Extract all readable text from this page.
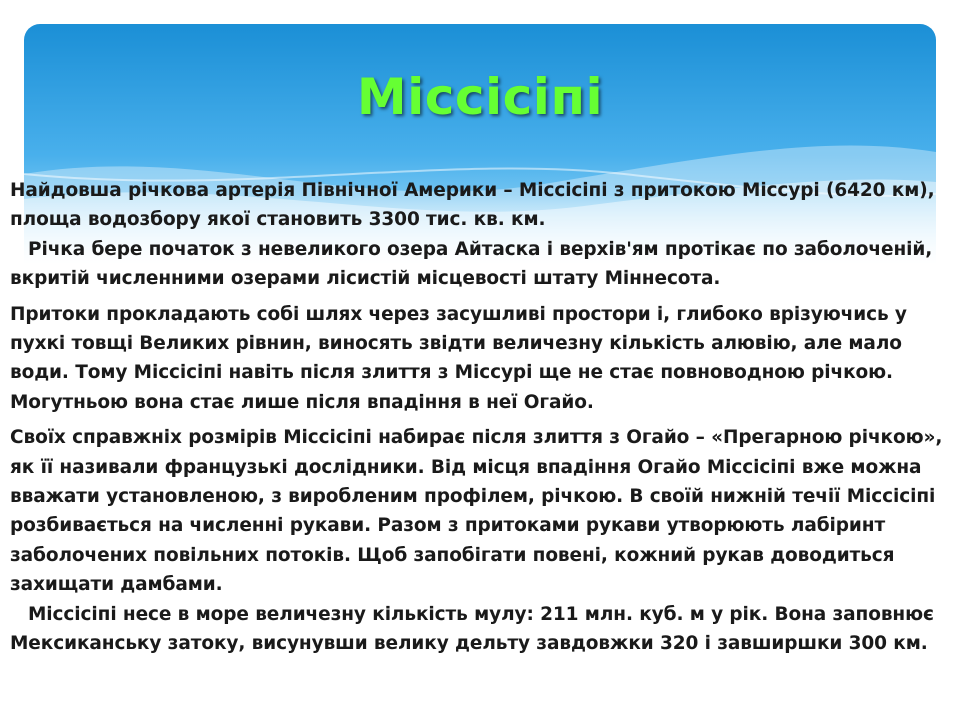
Міссісіпі

Найдовша річкова артерія Північної Америки – Міссісіпі з притокою Міссурі (6420 км), площа водозбору якої становить 3300 тис. кв. км.

Річка бере початок з невеликого озера Айтаска і верхів'ям протікає по заболоченій, вкритій численними озерами лісистій місцевості штату Міннесота.

Притоки прокладають собі шлях через засушливі простори і, глибоко врізуючись у пухкі товщі Великих рівнин, виносять звідти величезну кількість алювію, але мало води. Тому Міссісіпі навіть після злиття з Міссурі ще не стає повноводною річкою. Могутньою вона стає лише після впадіння в неї Огайо.

Своїх справжніх розмірів Міссісіпі набирає після злиття з Огайо – «Прегарною річкою», як її називали французькі дослідники. Від місця впадіння Огайо Міссісіпі вже можна вважати установленою, з виробленим профілем, річкою. В своїй нижній течії Міссісіпі розбивається на численні рукави. Разом з притоками рукави утворюють лабіринт заболочених повільних потоків. Щоб запобігати повені, кожний рукав доводиться захищати дамбами.

Міссісіпі несе в море величезну кількість мулу: 211 млн. куб. м у рік. Вона заповнює Мексиканську затоку, висунувши велику дельту завдовжки 320 і завширшки 300 км.
